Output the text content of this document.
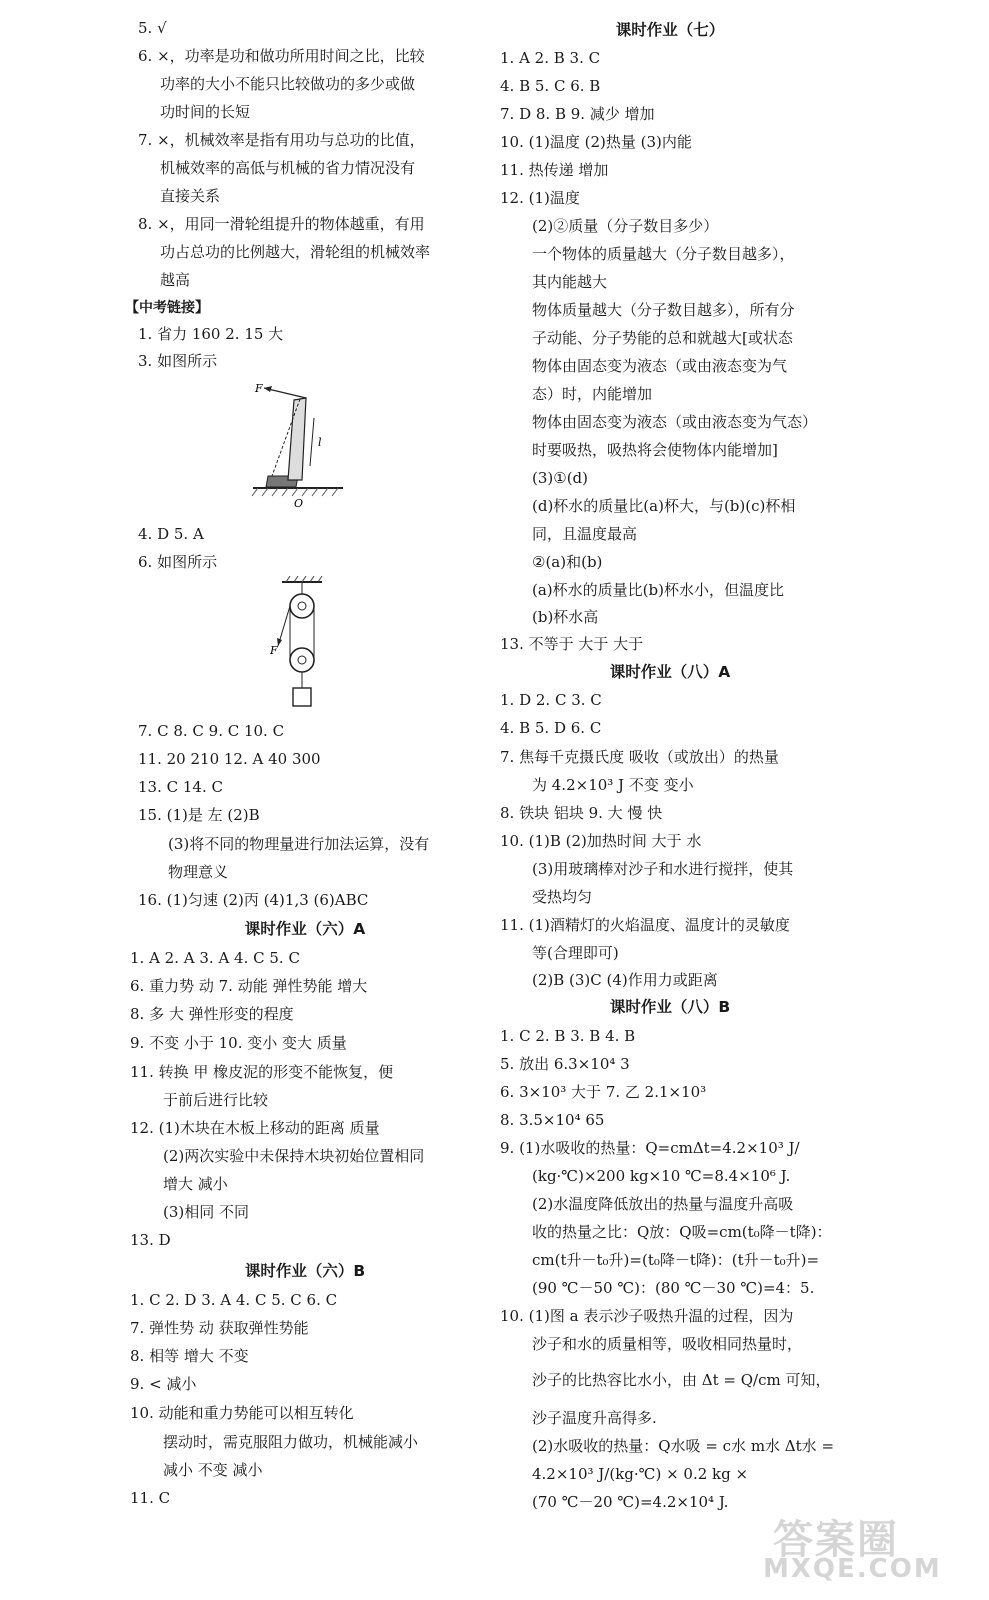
5. √
6. ×，功率是功和做功所用时间之比，比较
功率的大小不能只比较做功的多少或做
功时间的长短
7. ×，机械效率是指有用功与总功的比值，
机械效率的高低与机械的省力情况没有
直接关系
8. ×，用同一滑轮组提升的物体越重，有用
功占总功的比例越大，滑轮组的机械效率
越高
【中考链接】
1. 省力 160 2. 15 大
3. 如图所示
F
l
O
4. D 5. A
6. 如图所示
F
7. C 8. C 9. C 10. C
11. 20 210 12. A 40 300
13. C 14. C
15. (1)是 左 (2)B
(3)将不同的物理量进行加法运算，没有
物理意义
16. (1)匀速 (2)丙 (4)1,3 (6)ABC
课时作业（六）A
1. A 2. A 3. A 4. C 5. C
6. 重力势 动 7. 动能 弹性势能 增大
8. 多 大 弹性形变的程度
9. 不变 小于 10. 变小 变大 质量
11. 转换 甲 橡皮泥的形变不能恢复，便
于前后进行比较
12. (1)木块在木板上移动的距离 质量
(2)两次实验中未保持木块初始位置相同
增大 减小
(3)相同 不同
13. D
课时作业（六）B
1. C 2. D 3. A 4. C 5. C 6. C
7. 弹性势 动 获取弹性势能
8. 相等 增大 不变
9. < 减小
10. 动能和重力势能可以相互转化
摆动时，需克服阻力做功，机械能减小
减小 不变 减小
11. C
课时作业（七）
1. A 2. B 3. C
4. B 5. C 6. B
7. D 8. B 9. 减少 增加
10. (1)温度 (2)热量 (3)内能
11. 热传递 增加
12. (1)温度
(2)②质量（分子数目多少）
一个物体的质量越大（分子数目越多），
其内能越大
物体质量越大（分子数目越多），所有分
子动能、分子势能的总和就越大[或状态
物体由固态变为液态（或由液态变为气
态）时，内能增加
物体由固态变为液态（或由液态变为气态）
时要吸热，吸热将会使物体内能增加]
(3)①(d)
(d)杯水的质量比(a)杯大，与(b)(c)杯相
同，且温度最高
②(a)和(b)
(a)杯水的质量比(b)杯水小，但温度比
(b)杯水高
13. 不等于 大于 大于
课时作业（八）A
1. D 2. C 3. C
4. B 5. D 6. C
7. 焦每千克摄氏度 吸收（或放出）的热量
为 4.2×10³ J 不变 变小
8. 铁块 铝块 9. 大 慢 快
10. (1)B (2)加热时间 大于 水
(3)用玻璃棒对沙子和水进行搅拌，使其
受热均匀
11. (1)酒精灯的火焰温度、温度计的灵敏度
等(合理即可)
(2)B (3)C (4)作用力或距离
课时作业（八）B
1. C 2. B 3. B 4. B
5. 放出 6.3×10⁴ 3
6. 3×10³ 大于 7. 乙 2.1×10³
8. 3.5×10⁴ 65
9. (1)水吸收的热量：Q=cmΔt=4.2×10³ J/
(kg·℃)×200 kg×10 ℃=8.4×10⁶ J.
(2)水温度降低放出的热量与温度升高吸
收的热量之比：Q放：Q吸=cm(t₀降－t降)：
cm(t升－t₀升)=(t₀降－t降)：(t升－t₀升)=
(90 ℃－50 ℃)：(80 ℃－30 ℃)=4：5.
10. (1)图 a 表示沙子吸热升温的过程，因为
沙子和水的质量相等，吸收相同热量时，
沙子的比热容比水小，由 Δt = Q/cm 可知，
沙子温度升高得多.
(2)水吸收的热量：Q水吸 = c水 m水 Δt水 =
4.2×10³ J/(kg·℃) × 0.2 kg ×
(70 ℃－20 ℃)=4.2×10⁴ J.
答案圈
MXQE.COM
